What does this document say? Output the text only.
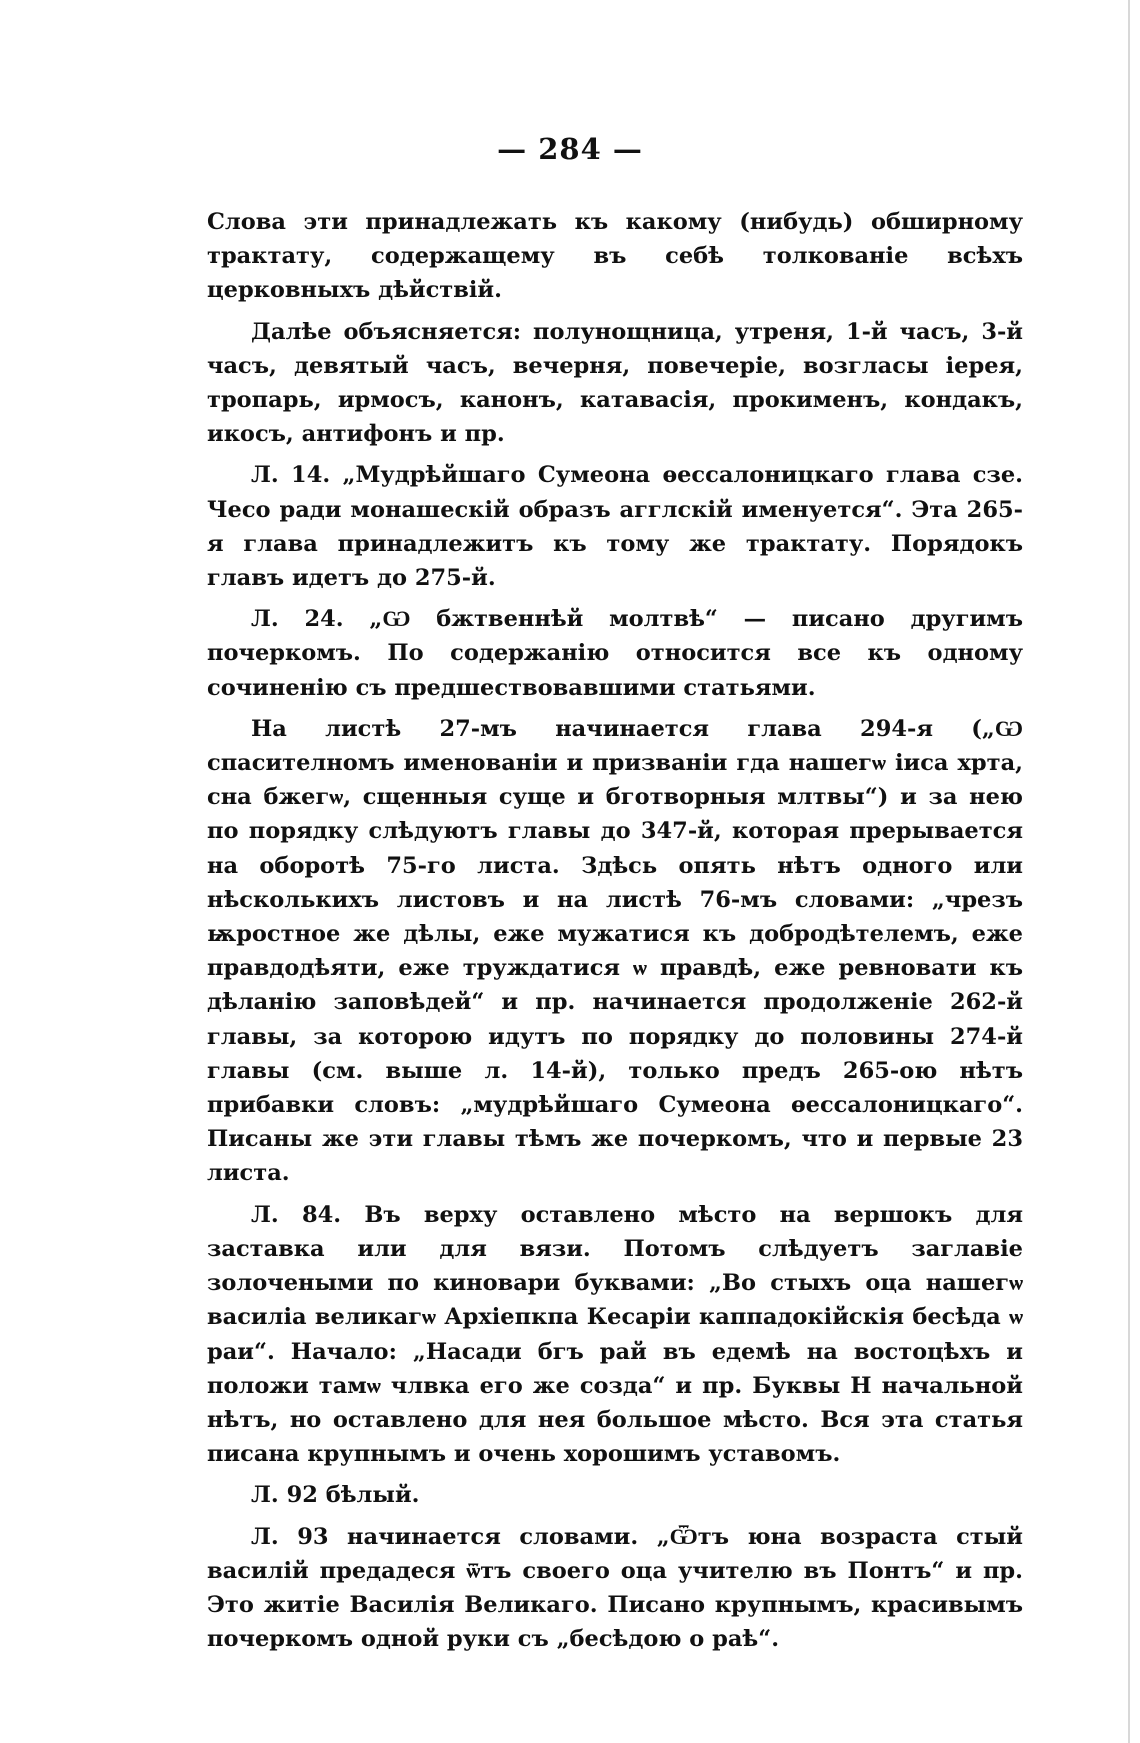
— 284 —

Слова эти принадлежать къ какому (нибудь) обширному трактату, содержащему въ себѣ толкованіе всѣхъ церковныхъ дѣйствій.

Далѣе объясняется: полунощница, утреня, 1-й часъ, 3-й часъ, девятый часъ, вечерня, повечеріе, возгласы іерея, тропарь, ирмосъ, канонъ, катавасія, прокименъ, кондакъ, икосъ, антифонъ и пр.

Л. 14. „Мудрѣйшаго Сумеона ѳессалоницкаго глава сзе. Чесо ради монашескій образъ агглскій именуется“. Эта 265-я глава принадлежитъ къ тому же трактату. Порядокъ главъ идетъ до 275-й.

Л. 24. „Ѡ бжтвеннѣй молтвѣ“ — писано другимъ почеркомъ. По содержанію относится все къ одному сочиненію съ предшествовавшими статьями.

На листѣ 27-мъ начинается глава 294-я („Ѡ спасителномъ именованіи и призваніи гда нашегѡ іиса хрта, сна бжегѡ, сщенныя суще и бготворныя млтвы“) и за нею по порядку слѣдуютъ главы до 347-й, которая прерывается на оборотѣ 75-го листа. Здѣсь опять нѣтъ одного или нѣсколькихъ листовъ и на листѣ 76-мъ словами: „чрезъ ѭростное же дѣлы, еже мужатися къ добродѣтелемъ, еже правдодѣяти, еже труждатися ѡ правдѣ, еже ревновати къ дѣланію заповѣдей“ и пр. начинается продолженіе 262-й главы, за которою идутъ по порядку до половины 274-й главы (см. выше л. 14-й), только предъ 265-ою нѣтъ прибавки словъ: „мудрѣйшаго Сумеона ѳессалоницкаго“. Писаны же эти главы тѣмъ же почеркомъ, что и первые 23 листа.

Л. 84. Въ верху оставлено мѣсто на вершокъ для заставка или для вязи. Потомъ слѣдуетъ заглавіе золочеными по киновари буквами: „Во стыхъ оца нашегѡ василіа великагѡ Архіепкпа Кесаріи каппадокійскія бесѣда ѡ раи“. Начало: „Насади бгъ рай въ едемѣ на востоцѣхъ и положи тамѡ члвка его же созда“ и пр. Буквы Н начальной нѣтъ, но оставлено для нея большое мѣсто. Вся эта статья писана крупнымъ и очень хорошимъ уставомъ.

Л. 92 бѣлый.

Л. 93 начинается словами. „Ѿтъ юна возраста стый василій предадеся ѿтъ своего оца учителю въ Понтъ“ и пр. Это житіе Василія Великаго. Писано крупнымъ, красивымъ почеркомъ одной руки съ „бесѣдою о раѣ“.
